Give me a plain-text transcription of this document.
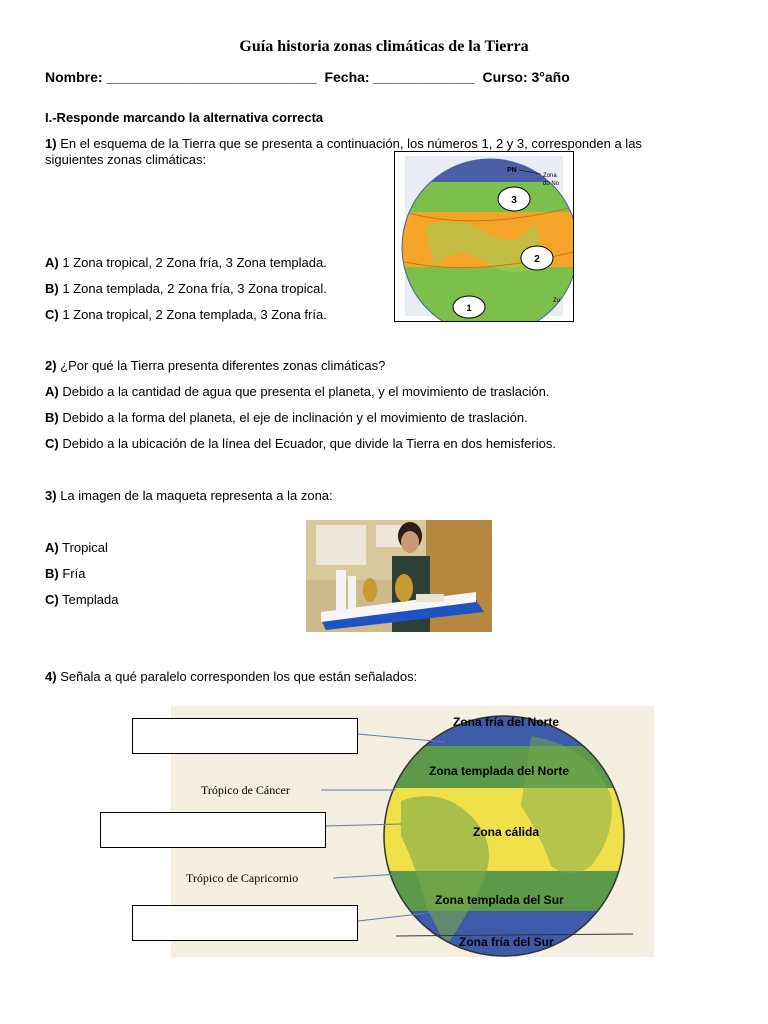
Guía historia zonas climáticas de la Tierra
Nombre: ___________________________ Fecha: _____________ Curso: 3°año
I.-Responde marcando la alternativa correcta
1) En el esquema de la Tierra que se presenta a continuación, los números 1, 2 y 3, corresponden a las siguientes zonas climáticas:
A) 1 Zona tropical, 2 Zona fría, 3 Zona templada.
B) 1 Zona templada, 2 Zona fría, 3 Zona tropical.
C) 1 Zona tropical, 2 Zona templada, 3 Zona fría.
PN
Zona
do No
Zo
3
2
1
2) ¿Por qué la Tierra presenta diferentes zonas climáticas?
A) Debido a la cantidad de agua que presenta el planeta, y el movimiento de traslación.
B) Debido a la forma del planeta, el eje de inclinación y el movimiento de traslación.
C) Debido a la ubicación de la línea del Ecuador, que divide la Tierra en dos hemisferios.
3) La imagen de la maqueta representa a la zona:
A) Tropical
B) Fría
C) Templada
4) Señala a qué paralelo corresponden los que están señalados:
Zona fría del Norte
Zona templada del Norte
Zona cálida
Zona templada del Sur
Zona fría del Sur
Trópico de Cáncer
Trópico de Capricornio
